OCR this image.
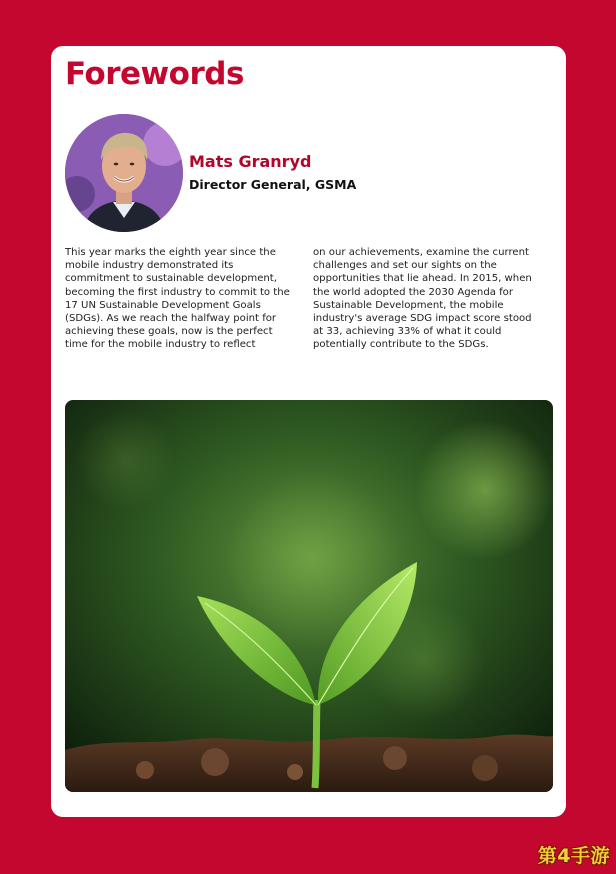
Forewords
Mats Granryd
Director General, GSMA

This year marks the eighth year since the mobile industry demonstrated its commitment to sustainable development, becoming the first industry to commit to the 17 UN Sustainable Development Goals (SDGs). As we reach the halfway point for achieving these goals, now is the perfect time for the mobile industry to reflect

on our achievements, examine the current challenges and set our sights on the opportunities that lie ahead. In 2015, when the world adopted the 2030 Agenda for Sustainable Development, the mobile industry's average SDG impact score stood at 33, achieving 33% of what it could potentially contribute to the SDGs.

第4手游
